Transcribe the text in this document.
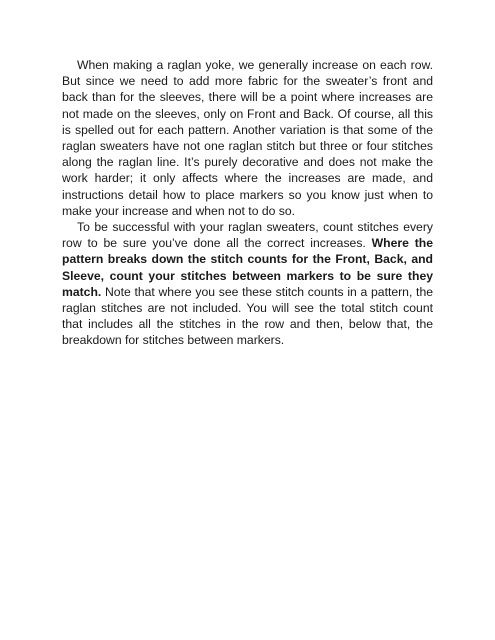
When making a raglan yoke, we generally increase on each row. But since we need to add more fabric for the sweater’s front and back than for the sleeves, there will be a point where increases are not made on the sleeves, only on Front and Back. Of course, all this is spelled out for each pattern. Another variation is that some of the raglan sweaters have not one raglan stitch but three or four stitches along the raglan line. It’s purely decorative and does not make the work harder; it only affects where the increases are made, and instructions detail how to place markers so you know just when to make your increase and when not to do so.

To be successful with your raglan sweaters, count stitches every row to be sure you’ve done all the correct increases. Where the pattern breaks down the stitch counts for the Front, Back, and Sleeve, count your stitches between markers to be sure they match. Note that where you see these stitch counts in a pattern, the raglan stitches are not included. You will see the total stitch count that includes all the stitches in the row and then, below that, the breakdown for stitches between markers.
